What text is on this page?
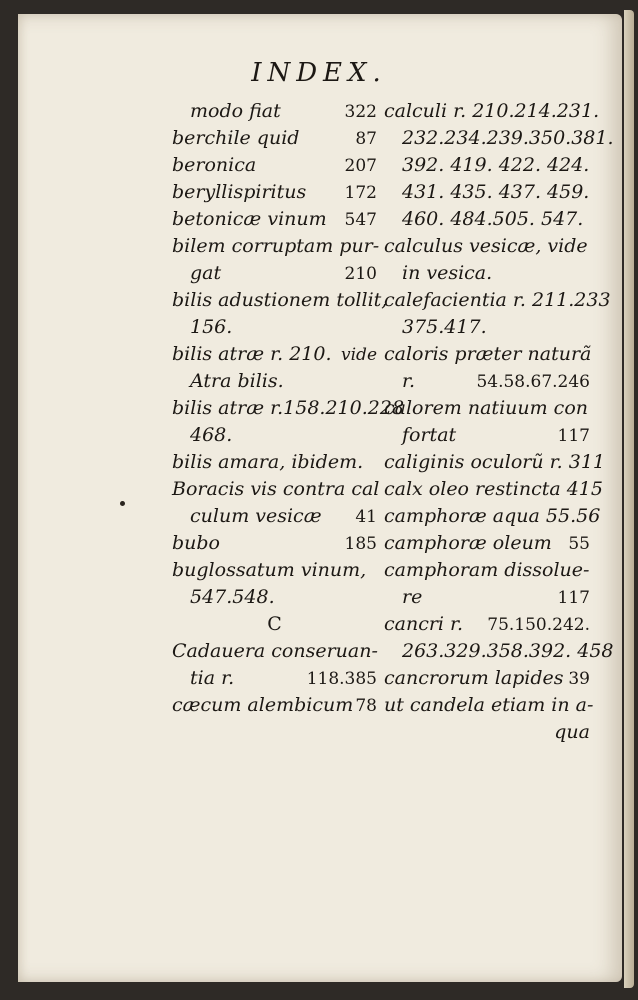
INDEX.
modo fiat	322
berchile quid	87
beronica	207
beryllispiritus 172
betonicæ vinum 547
bilem corruptam pur-
gat	210
bilis adustionem tollit,
156.
bilis atræ r. 210. vide
Atra bilis.
bilis atræ r.158.210.228
468.
bilis amara, ibidem.
Boracis vis contra cal
culum vesicæ 41
bubo	185
buglossatum vinum,
547.548.
C
Cadauera conseruan-
tia r.	118.385
cæcum alembicum 78
calculi r. 210.214.231.
232.234.239.350.381.
392. 419. 422. 424.
431. 435. 437. 459.
460. 484.505. 547.
calculus vesicæ, vide
in vesica.
calefacientia r. 211.233
375.417.
caloris præter naturã
r.	54.58.67.246
calorem natiuum con
fortat	117
caliginis oculorũ r. 311
calx oleo restincta 415
camphoræ aqua 55.56
camphoræ oleum 55
camphoram dissolue-
re	117
cancri r. 75.150.242.
263.329.358.392. 458
cancrorum lapides 39
ut candela etiam in a-
qua
